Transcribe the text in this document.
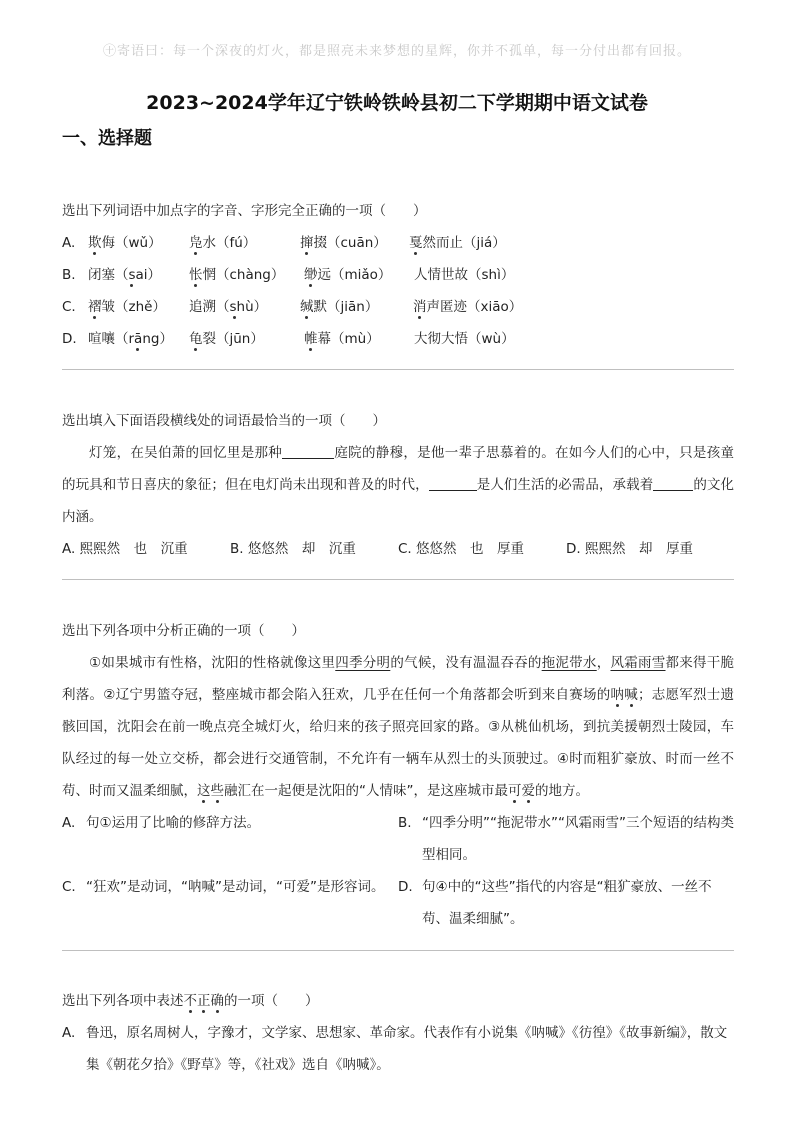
㊉寄语曰：每一个深夜的灯火，都是照亮未来梦想的星辉，你并不孤单，每一分付出都有回报。
2023~2024学年辽宁铁岭铁岭县初二下学期期中语文试卷
一、选择题
选出下列词语中加点字的字音、字形完全正确的一项（　　）
A. 欺侮（wǔ） 凫水（fú）	撺掇（cuān） 戛然而止（jiá）
B. 闭塞（sai） 怅惘（chàng） 缈远（miǎo） 人情世故（shì）
C. 褶皱（zhě） 追溯（shù） 缄默（jiān）	消声匿迹（xiāo）
D. 喧嚷（rāng） 龟裂（jūn）	帷幕（mù）	大彻大悟（wù）
选出填入下面语段横线处的词语最恰当的一项（　　）
灯笼，在吴伯萧的回忆里是那种	庭院的静穆，是他一辈子思慕着的。在如今人们的心中，只是孩童的玩具和节日喜庆的象征；但在电灯尚未出现和普及的时代，	是人们生活的必需品，承载着	的文化内涵。
A. 熙熙然　也　沉重	B. 悠悠然　却　沉重	C. 悠悠然　也　厚重	D. 熙熙然　却　厚重
选出下列各项中分析正确的一项（　　）
①如果城市有性格，沈阳的性格就像这里四季分明的气候，没有温温吞吞的拖泥带水，风霜雨雪都来得干脆利落。②辽宁男篮夺冠，整座城市都会陷入狂欢，几乎在任何一个角落都会听到来自赛场的呐喊；志愿军烈士遗骸回国，沈阳会在前一晚点亮全城灯火，给归来的孩子照亮回家的路。③从桃仙机场，到抗美援朝烈士陵园，车队经过的每一处立交桥，都会进行交通管制，不允许有一辆车从烈士的头顶驶过。④时而粗犷豪放、时而一丝不苟、时而又温柔细腻，这些融汇在一起便是沈阳的“人情味”，是这座城市最可爱的地方。
A. 句①运用了比喻的修辞方法。	B. “四季分明”“拖泥带水”“风霜雨雪”三个短语的结构类型相同。
C. “狂欢”是动词，“呐喊”是动词，“可爱”是形容词。	D. 句④中的“这些”指代的内容是“粗犷豪放、一丝不苟、温柔细腻”。
选出下列各项中表述不正确的一项（　　）
A. 鲁迅，原名周树人，字豫才，文学家、思想家、革命家。代表作有小说集《呐喊》《彷徨》《故事新编》，散文集《朝花夕拾》《野草》等，《社戏》选自《呐喊》。
